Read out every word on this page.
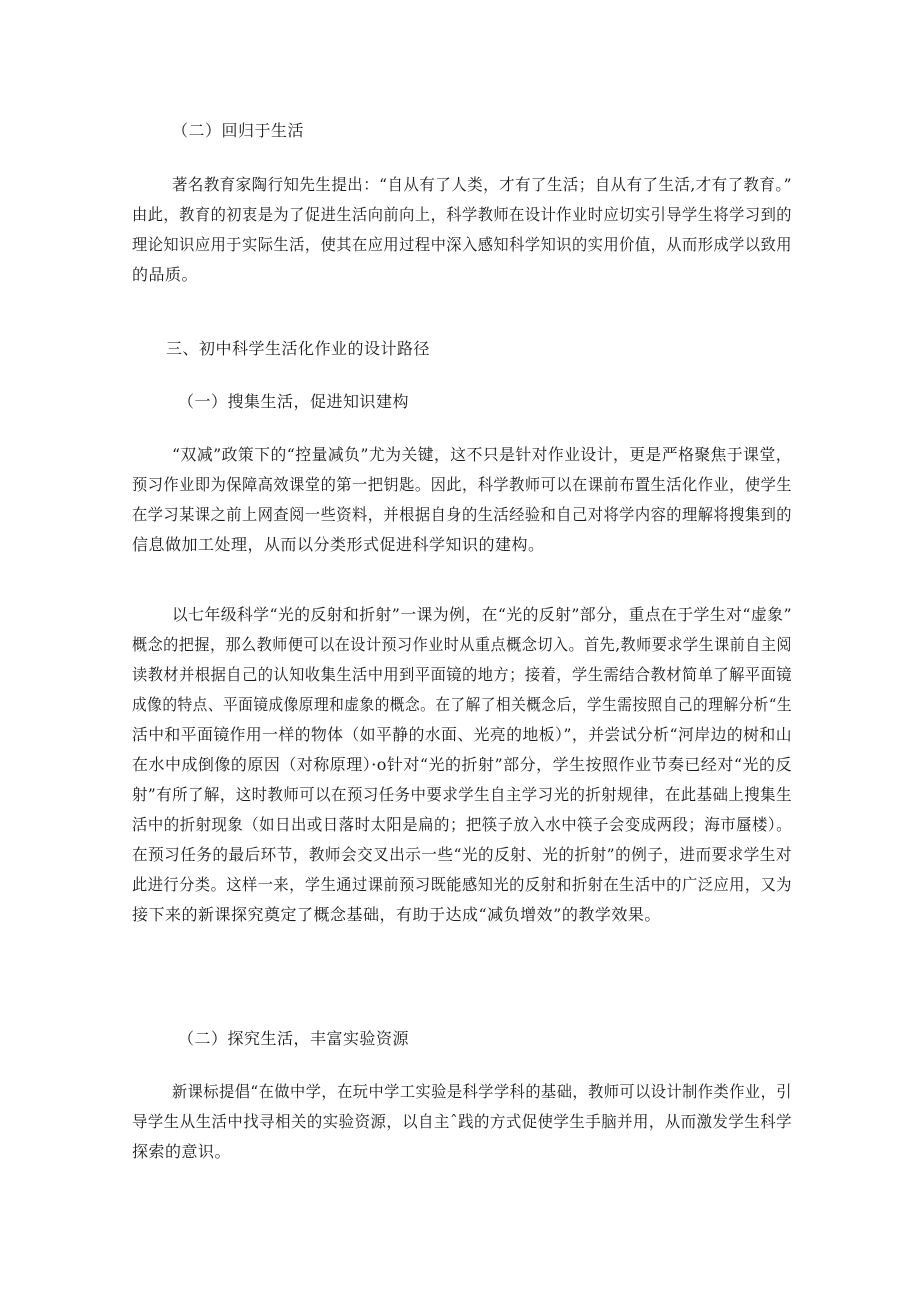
（二）回归于生活
著名教育家陶行知先生提出：“自从有了人类，才有了生活；自从有了生活,才有了教育。”
由此，教育的初衷是为了促进生活向前向上，科学教师在设计作业时应切实引导学生将学习到的
理论知识应用于实际生活，使其在应用过程中深入感知科学知识的实用价值，从而形成学以致用
的品质。
三、初中科学生活化作业的设计路径
（一）搜集生活，促进知识建构
“双减”政策下的“控量减负”尤为关键，这不只是针对作业设计，更是严格聚焦于课堂，
预习作业即为保障高效课堂的第一把钥匙。因此，科学教师可以在课前布置生活化作业，使学生
在学习某课之前上网查阅一些资料，并根据自身的生活经验和自己对将学内容的理解将搜集到的
信息做加工处理，从而以分类形式促进科学知识的建构。
以七年级科学“光的反射和折射”一课为例，在“光的反射”部分，重点在于学生对“虚象”
概念的把握，那么教师便可以在设计预习作业时从重点概念切入。首先,教师要求学生课前自主阅
读教材并根据自己的认知收集生活中用到平面镜的地方；接着，学生需结合教材简单了解平面镜
成像的特点、平面镜成像原理和虚象的概念。在了解了相关概念后，学生需按照自己的理解分析“生
活中和平面镜作用一样的物体（如平静的水面、光亮的地板）”，并尝试分析“河岸边的树和山
在水中成倒像的原因（对称原理）·o针对“光的折射”部分，学生按照作业节奏已经对“光的反
射”有所了解，这时教师可以在预习任务中要求学生自主学习光的折射规律，在此基础上搜集生
活中的折射现象（如日出或日落时太阳是扁的；把筷子放入水中筷子会变成两段；海市蜃楼）。
在预习任务的最后环节，教师会交叉出示一些“光的反射、光的折射”的例子，进而要求学生对
此进行分类。这样一来，学生通过课前预习既能感知光的反射和折射在生活中的广泛应用，又为
接下来的新课探究奠定了概念基础，有助于达成“减负增效”的教学效果。
（二）探究生活，丰富实验资源
新课标提倡“在做中学，在玩中学工实验是科学学科的基础，教师可以设计制作类作业，引
导学生从生活中找寻相关的实验资源，以自主ˆ践的方式促使学生手脑并用，从而激发学生科学
探索的意识。
